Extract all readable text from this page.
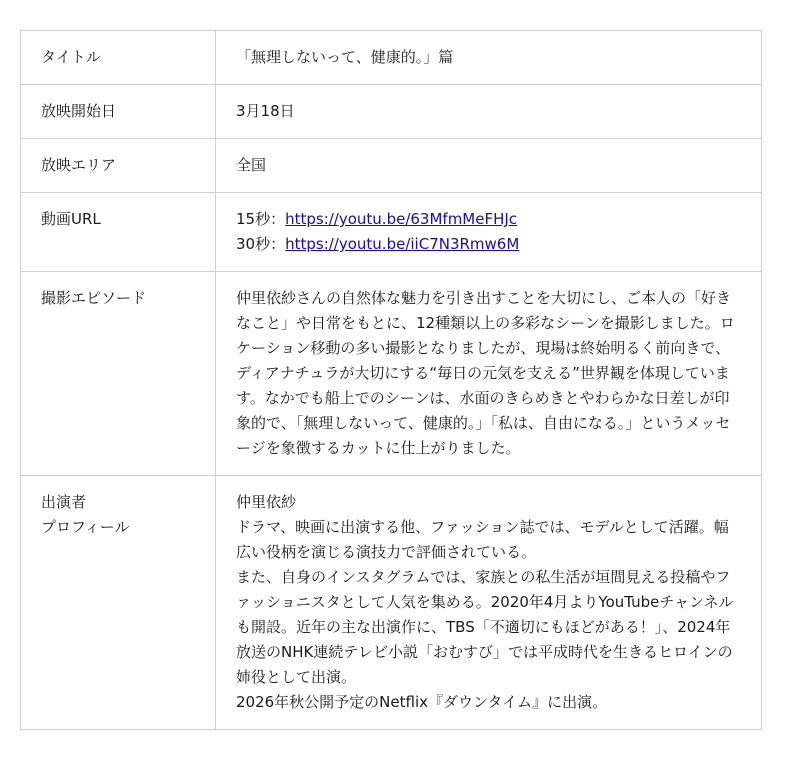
タイトル	「無理しないって、健康的。」篇
放映開始日	3月18日
放映エリア	全国
動画URL	15秒：https://youtu.be/63MfmMeFHJc
30秒：https://youtu.be/iiC7N3Rmw6M

撮影エピソード	仲里依紗さんの自然体な魅力を引き出すことを大切にし、ご本人の「好きなこと」や日常をもとに、12種類以上の多彩なシーンを撮影しました。ロケーション移動の多い撮影となりましたが、現場は終始明るく前向きで、ディアナチュラが大切にする“毎日の元気を支える”世界観を体現しています。なかでも船上でのシーンは、水面のきらめきとやわらかな日差しが印象的で、「無理しないって、健康的。」「私は、自由になる。」というメッセージを象徴するカットに仕上がりました。

出演者
プロフィール	仲里依紗
ドラマ、映画に出演する他、ファッション誌では、モデルとして活躍。幅広い役柄を演じる演技力で評価されている。
また、自身のインスタグラムでは、家族との私生活が垣間見える投稿やファッショニスタとして人気を集める。2020年4月よりYouTubeチャンネルも開設。近年の主な出演作に、TBS「不適切にもほどがある！」、2024年放送のNHK連続テレビ小説「おむすび」では平成時代を生きるヒロインの姉役として出演。
2026年秋公開予定のNetflix『ダウンタイム』に出演。
